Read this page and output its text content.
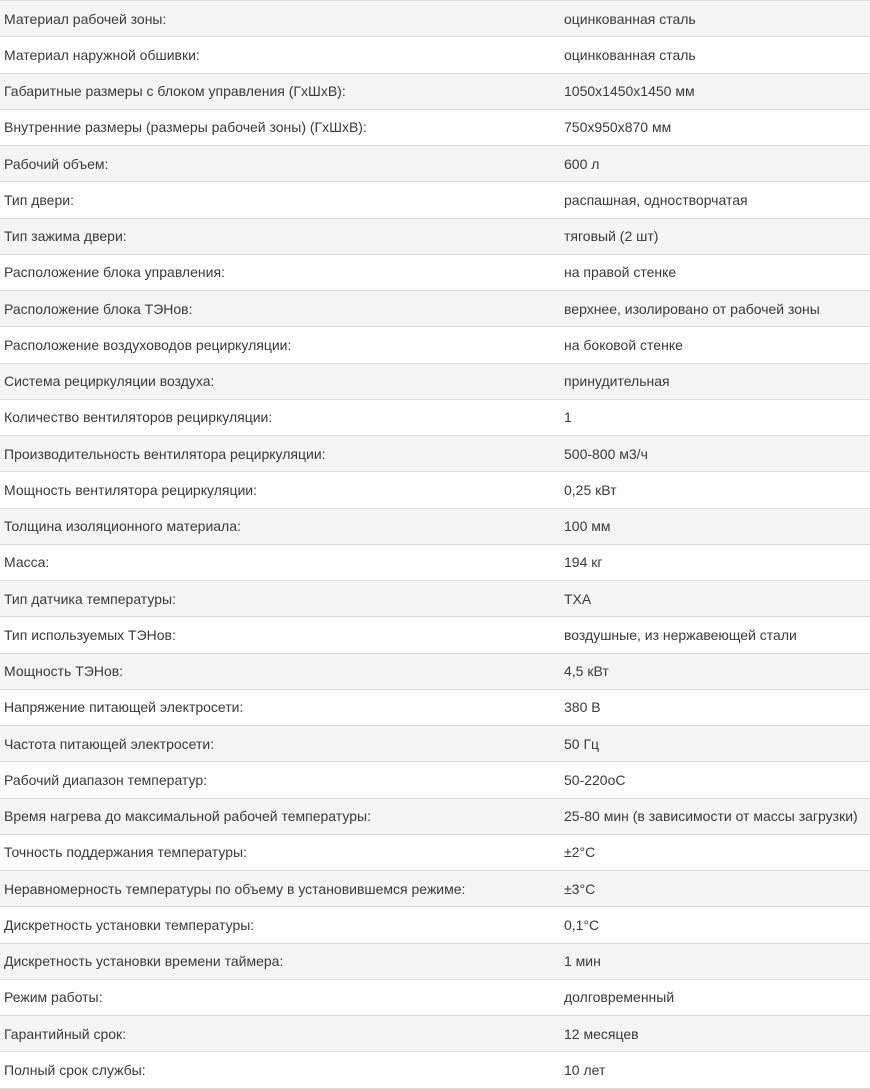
Материал рабочей зоны:	оцинкованная сталь
Материал наружной обшивки:	оцинкованная сталь
Габаритные размеры с блоком управления (ГхШхВ):	1050х1450х1450 мм
Внутренние размеры (размеры рабочей зоны) (ГхШхВ):	750х950х870 мм
Рабочий объем:	600 л
Тип двери:	распашная, одностворчатая
Тип зажима двери:	тяговый (2 шт)
Расположение блока управления:	на правой стенке
Расположение блока ТЭНов:	верхнее, изолировано от рабочей зоны
Расположение воздуховодов рециркуляции:	на боковой стенке
Система рециркуляции воздуха:	принудительная
Количество вентиляторов рециркуляции:	1
Производительность вентилятора рециркуляции:	500-800 м3/ч
Мощность вентилятора рециркуляции:	0,25 кВт
Толщина изоляционного материала:	100 мм
Масса:	194 кг
Тип датчика температуры:	ТХА
Тип используемых ТЭНов:	воздушные, из нержавеющей стали
Мощность ТЭНов:	4,5 кВт
Напряжение питающей электросети:	380 В
Частота питающей электросети:	50 Гц
Рабочий диапазон температур:	50-220оС
Время нагрева до максимальной рабочей температуры:	25-80 мин (в зависимости от массы загрузки)
Точность поддержания температуры:	±2°С
Неравномерность температуры по объему в установившемся режиме:	±3°С
Дискретность установки температуры:	0,1°С
Дискретность установки времени таймера:	1 мин
Режим работы:	долговременный
Гарантийный срок:	12 месяцев
Полный срок службы:	10 лет
